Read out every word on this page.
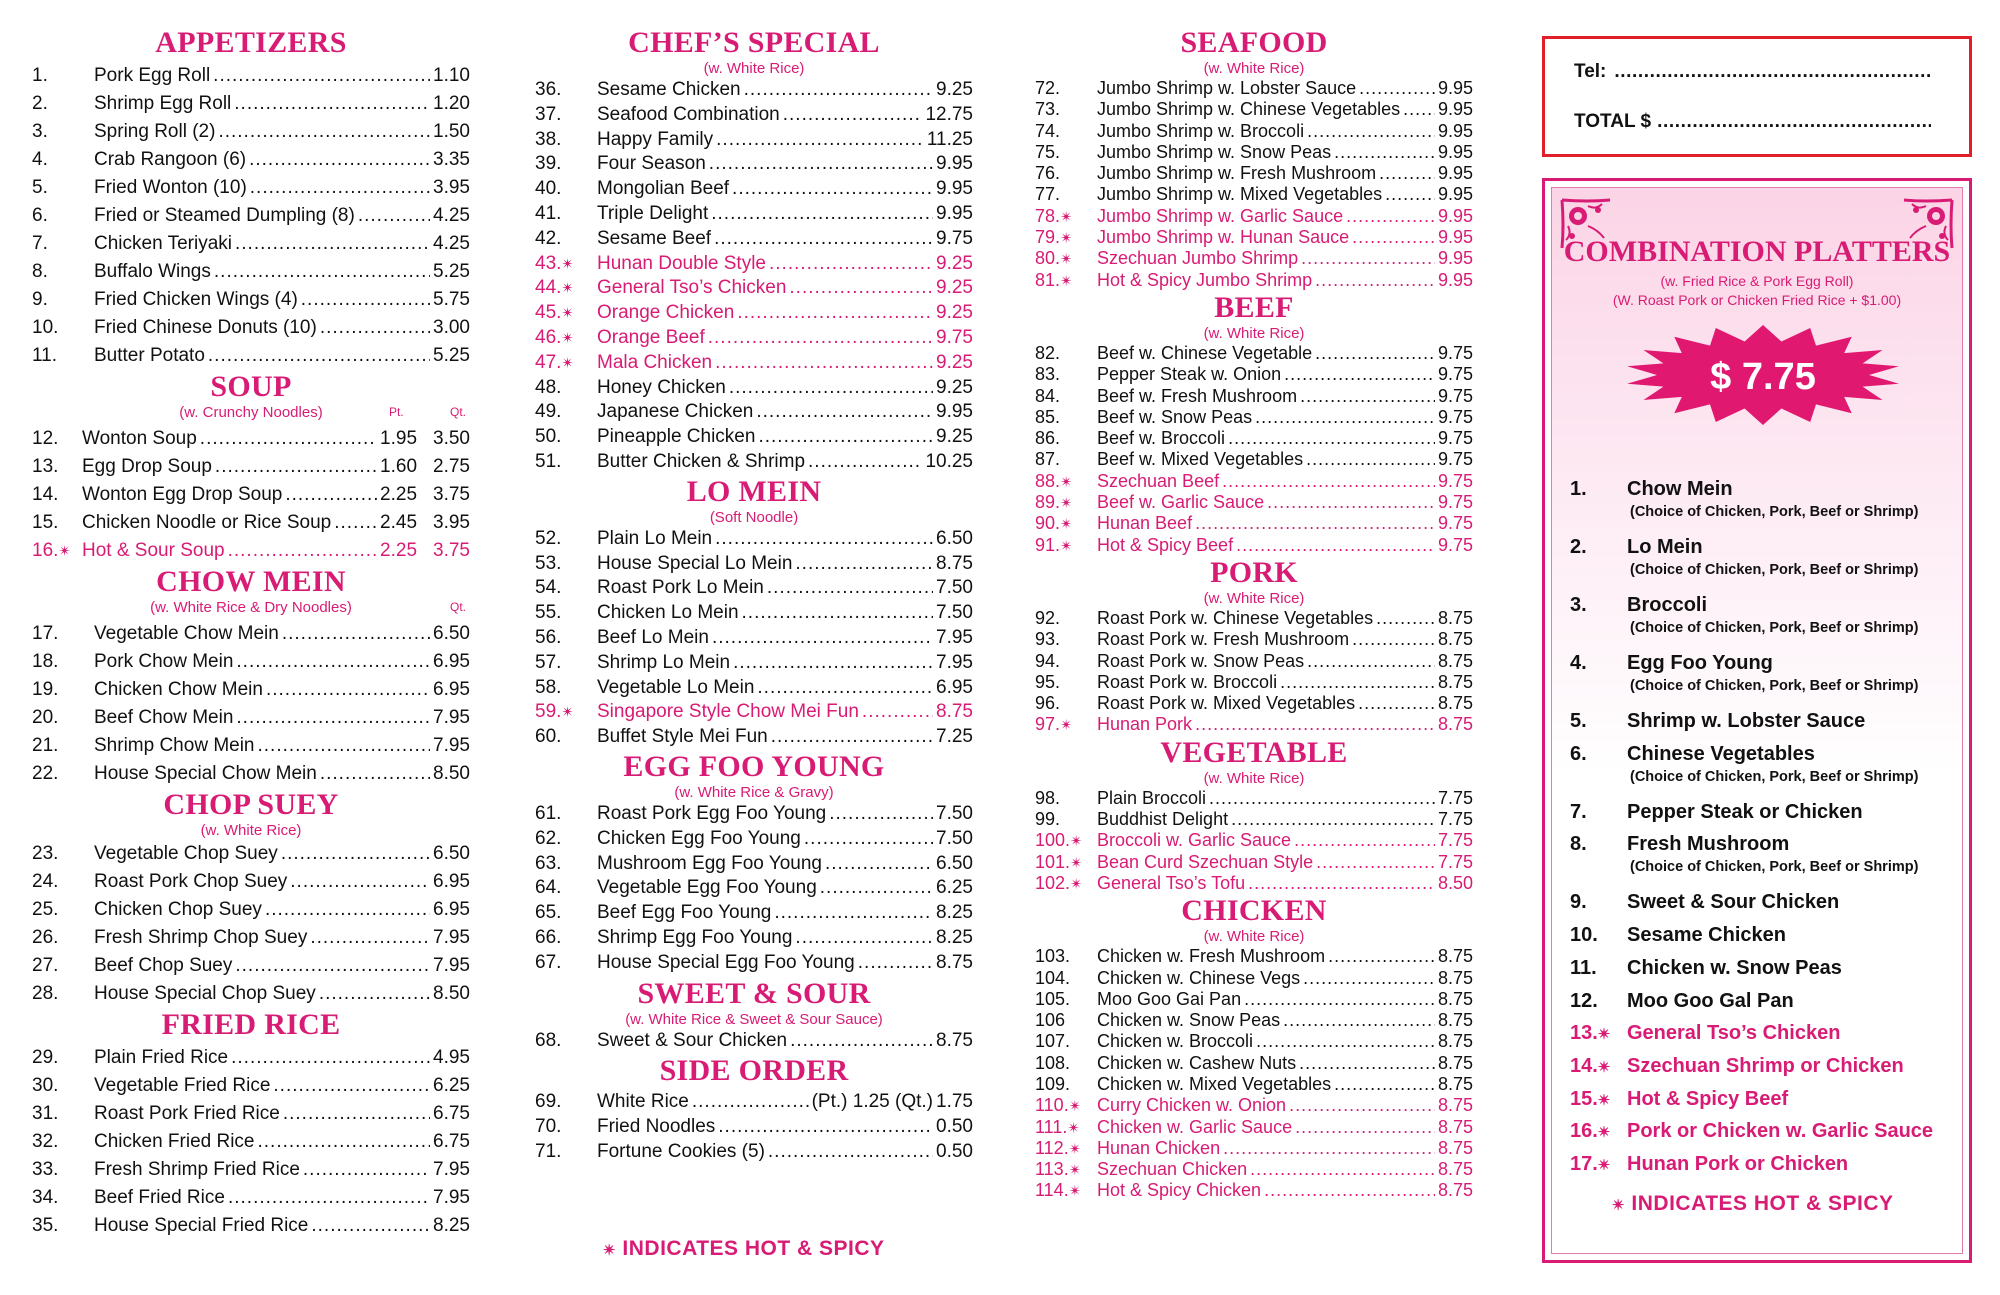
APPETIZERS
1.	Pork Egg Roll .....	1.10
2.	Shrimp Egg Roll .....	1.20
3.	Spring Roll (2) .....	1.50
4.	Crab Rangoon (6) .....	3.35
5.	Fried Wonton (10) .....	3.95
6.	Fried or Steamed Dumpling (8) .....	4.25
7.	Chicken Teriyaki .....	4.25
8.	Buffalo Wings .....	5.25
9.	Fried Chicken Wings (4) .....	5.75
10.	Fried Chinese Donuts (10) .....	3.00
11.	Butter Potato .....	5.25
SOUP
(w. Crunchy Noodles)	Pt.	Qt.
12.	Wonton Soup .....	1.95 3.50
13.	Egg Drop Soup .....	1.60 2.75
14.	Wonton Egg Drop Soup .....	2.25 3.75
15.	Chicken Noodle or Rice Soup .....	2.45 3.95
16.✴︎ Hot & Sour Soup .....	2.25 3.75
CHOW MEIN
(w. White Rice & Dry Noodles)	Qt.
17.	Vegetable Chow Mein .....	6.50
18.	Pork Chow Mein .....	6.95
19.	Chicken Chow Mein .....	6.95
20.	Beef Chow Mein .....	7.95
21.	Shrimp Chow Mein .....	7.95
22.	House Special Chow Mein .....	8.50
CHOP SUEY
(w. White Rice)
23.	Vegetable Chop Suey .....	6.50
24.	Roast Pork Chop Suey .....	6.95
25.	Chicken Chop Suey .....	6.95
26.	Fresh Shrimp Chop Suey .....	7.95
27.	Beef Chop Suey .....	7.95
28.	House Special Chop Suey .....	8.50
FRIED RICE
29.	Plain Fried Rice .....	4.95
30.	Vegetable Fried Rice .....	6.25
31.	Roast Pork Fried Rice .....	6.75
32.	Chicken Fried Rice .....	6.75
33.	Fresh Shrimp Fried Rice .....	7.95
34.	Beef Fried Rice .....	7.95
35.	House Special Fried Rice .....	8.25
CHEF’S SPECIAL
(w. White Rice)
36.	Sesame Chicken .....	9.25
37.	Seafood Combination .....	12.75
38.	Happy Family .....	11.25
39.	Four Season .....	9.95
40.	Mongolian Beef .....	9.95
41.	Triple Delight .....	9.95
42.	Sesame Beef .....	9.75
43.✴︎	Hunan Double Style .....	9.25
44.✴︎	General Tso’s Chicken .....	9.25
45.✴︎	Orange Chicken .....	9.25
46.✴︎	Orange Beef .....	9.75
47.✴︎	Mala Chicken .....	9.25
48.	Honey Chicken .....	9.25
49.	Japanese Chicken .....	9.95
50.	Pineapple Chicken .....	9.25
51.	Butter Chicken & Shrimp .....	10.25
LO MEIN
(Soft Noodle)
52.	Plain Lo Mein .....	6.50
53.	House Special Lo Mein .....	8.75
54.	Roast Pork Lo Mein .....	7.50
55.	Chicken Lo Mein .....	7.50
56.	Beef Lo Mein .....	7.95
57.	Shrimp Lo Mein .....	7.95
58.	Vegetable Lo Mein .....	6.95
59.✴︎	Singapore Style Chow Mei Fun .....	8.75
60.	Buffet Style Mei Fun .....	7.25
EGG FOO YOUNG
(w. White Rice & Gravy)
61.	Roast Pork Egg Foo Young .....	7.50
62.	Chicken Egg Foo Young .....	7.50
63.	Mushroom Egg Foo Young .....	6.50
64.	Vegetable Egg Foo Young .....	6.25
65.	Beef Egg Foo Young .....	8.25
66.	Shrimp Egg Foo Young .....	8.25
67.	House Special Egg Foo Young .....	8.75
SWEET & SOUR
(w. White Rice & Sweet & Sour Sauce)
68.	Sweet & Sour Chicken .....	8.75
SIDE ORDER
69.	White Rice .....	(Pt.) 1.25 (Qt.) 1.75
70.	Fried Noodles .....	0.50
71.	Fortune Cookies (5) .....	0.50
SEAFOOD
(w. White Rice)
72.	Jumbo Shrimp w. Lobster Sauce .....	9.95
73.	Jumbo Shrimp w. Chinese Vegetables ..... 9.95
74.	Jumbo Shrimp w. Broccoli .....	9.95
75.	Jumbo Shrimp w. Snow Peas .....	9.95
76.	Jumbo Shrimp w. Fresh Mushroom .....	9.95
77.	Jumbo Shrimp w. Mixed Vegetables .....	9.95
78.✴︎	Jumbo Shrimp w. Garlic Sauce .....	9.95
79.✴︎	Jumbo Shrimp w. Hunan Sauce .....	9.95
80.✴︎	Szechuan Jumbo Shrimp .....	9.95
81.✴︎	Hot & Spicy Jumbo Shrimp .....	9.95
BEEF
(w. White Rice)
82.	Beef w. Chinese Vegetable .....	9.75
83.	Pepper Steak w. Onion .....	9.75
84.	Beef w. Fresh Mushroom .....	9.75
85.	Beef w. Snow Peas .....	9.75
86.	Beef w. Broccoli .....	9.75
87.	Beef w. Mixed Vegetables .....	9.75
88.✴︎	Szechuan Beef .....	9.75
89.✴︎	Beef w. Garlic Sauce .....	9.75
90.✴︎	Hunan Beef .....	9.75
91.✴︎	Hot & Spicy Beef .....	9.75
PORK
(w. White Rice)
92.	Roast Pork w. Chinese Vegetables .....	8.75
93.	Roast Pork w. Fresh Mushroom .....	8.75
94.	Roast Pork w. Snow Peas .....	8.75
95.	Roast Pork w. Broccoli .....	8.75
96.	Roast Pork w. Mixed Vegetables .....	8.75
97.✴︎	Hunan Pork .....	8.75
VEGETABLE
(w. White Rice)
98.	Plain Broccoli .....	7.75
99.	Buddhist Delight .....	7.75
100.✴︎ Broccoli w. Garlic Sauce .....	7.75
101.✴︎ Bean Curd Szechuan Style .....	7.75
102.✴︎ General Tso’s Tofu .....	8.50
CHICKEN
(w. White Rice)
103.	Chicken w. Fresh Mushroom .....	8.75
104.	Chicken w. Chinese Vegs .....	8.75
105.	Moo Goo Gai Pan .....	8.75
106	Chicken w. Snow Peas .....	8.75
107.	Chicken w. Broccoli .....	8.75
108.	Chicken w. Cashew Nuts .....	8.75
109.	Chicken w. Mixed Vegetables .....	8.75
110.✴︎ Curry Chicken w. Onion .....	8.75
111.✴︎ Chicken w. Garlic Sauce .....	8.75
112.✴︎ Hunan Chicken .....	8.75
113.✴︎ Szechuan Chicken .....	8.75
114.✴︎ Hot & Spicy Chicken .....	8.75
✴︎ INDICATES HOT & SPICY
Tel:
.....
TOTAL $
.....
COMBINATION PLATTERS
(w. Fried Rice & Pork Egg Roll)
(W. Roast Pork or Chicken Fried Rice + $1.00)
$ 7.75
1. Chow Mein
(Choice of Chicken, Pork, Beef or Shrimp)
2. Lo Mein
(Choice of Chicken, Pork, Beef or Shrimp)
3. Broccoli
(Choice of Chicken, Pork, Beef or Shrimp)
4. Egg Foo Young
(Choice of Chicken, Pork, Beef or Shrimp)
5. Shrimp w. Lobster Sauce
6. Chinese Vegetables
(Choice of Chicken, Pork, Beef or Shrimp)
7. Pepper Steak or Chicken
8. Fresh Mushroom
(Choice of Chicken, Pork, Beef or Shrimp)
9. Sweet & Sour Chicken
10. Sesame Chicken
11. Chicken w. Snow Peas
12. Moo Goo Gal Pan
13.✴︎ General Tso’s Chicken
14.✴︎ Szechuan Shrimp or Chicken
15.✴︎ Hot & Spicy Beef
16.✴︎ Pork or Chicken w. Garlic Sauce
17.✴︎ Hunan Pork or Chicken
✴︎ INDICATES HOT & SPICY
